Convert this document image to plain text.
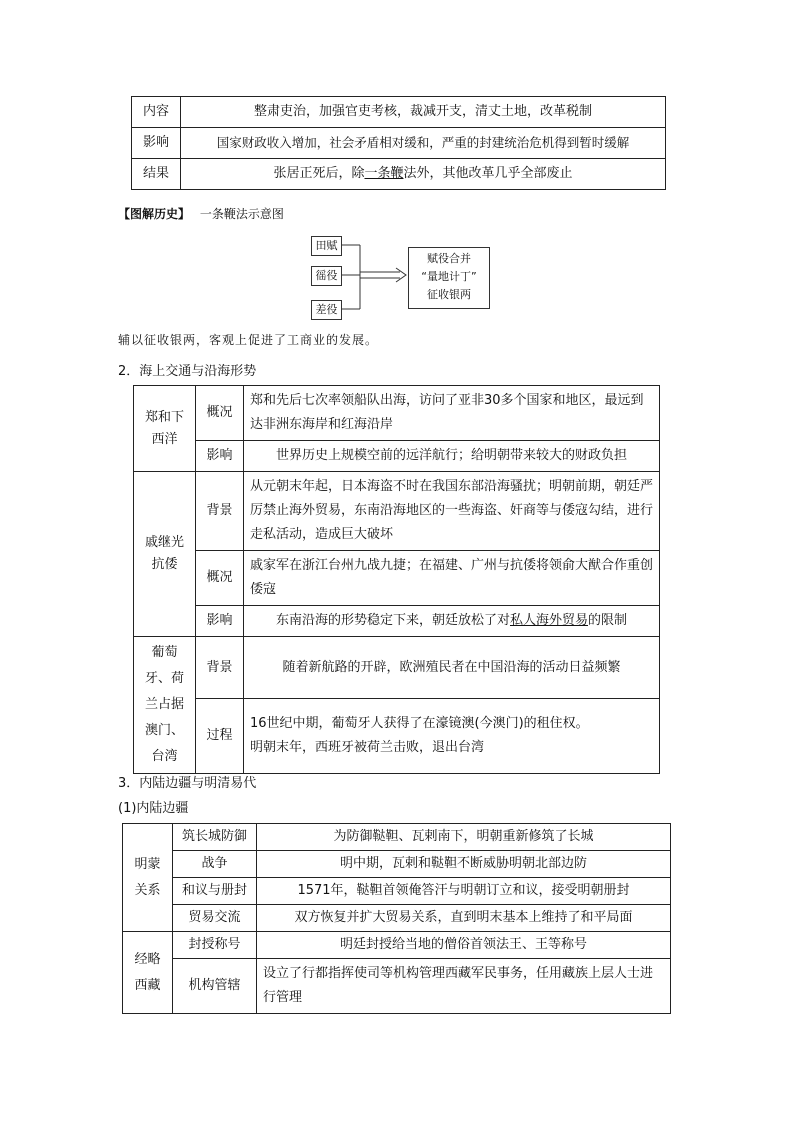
内容	整肃吏治，加强官吏考核，裁减开支，清丈土地，改革税制
影响	国家财政收入增加，社会矛盾相对缓和，严重的封建统治危机得到暂时缓解
结果	张居正死后，除一条鞭法外，其他改革几乎全部废止
【图解历史】 一条鞭法示意图
田赋
徭役
差役
赋役合并
“量地计丁”
征收银两
辅以征收银两，客观上促进了工商业的发展。
2．海上交通与沿海形势
郑和下西洋	概况	郑和先后七次率领船队出海，访问了亚非30多个国家和地区，最远到达非洲东海岸和红海沿岸
	影响	世界历史上规模空前的远洋航行；给明朝带来较大的财政负担
戚继光抗倭	背景	从元朝末年起，日本海盗不时在我国东部沿海骚扰；明朝前期，朝廷严厉禁止海外贸易，东南沿海地区的一些海盗、奸商等与倭寇勾结，进行走私活动，造成巨大破坏
	概况	戚家军在浙江台州九战九捷；在福建、广州与抗倭将领俞大猷合作重创倭寇
	影响	东南沿海的形势稳定下来，朝廷放松了对私人海外贸易的限制
葡萄牙、荷兰占据澳门、台湾	背景	随着新航路的开辟，欧洲殖民者在中国沿海的活动日益频繁
	过程	16世纪中期，葡萄牙人获得了在濠镜澳(今澳门)的租住权。
明朝末年，西班牙被荷兰击败，退出台湾
3．内陆边疆与明清易代
(1)内陆边疆
明蒙关系	筑长城防御	为防御鞑靼、瓦剌南下，明朝重新修筑了长城
	战争	明中期，瓦剌和鞑靼不断威胁明朝北部边防
	和议与册封	1571年，鞑靼首领俺答汗与明朝订立和议，接受明朝册封
	贸易交流	双方恢复并扩大贸易关系，直到明末基本上维持了和平局面
经略西藏	封授称号	明廷封授给当地的僧俗首领法王、王等称号
	机构管辖	设立了行都指挥使司等机构管理西藏军民事务，任用藏族上层人士进行管理
